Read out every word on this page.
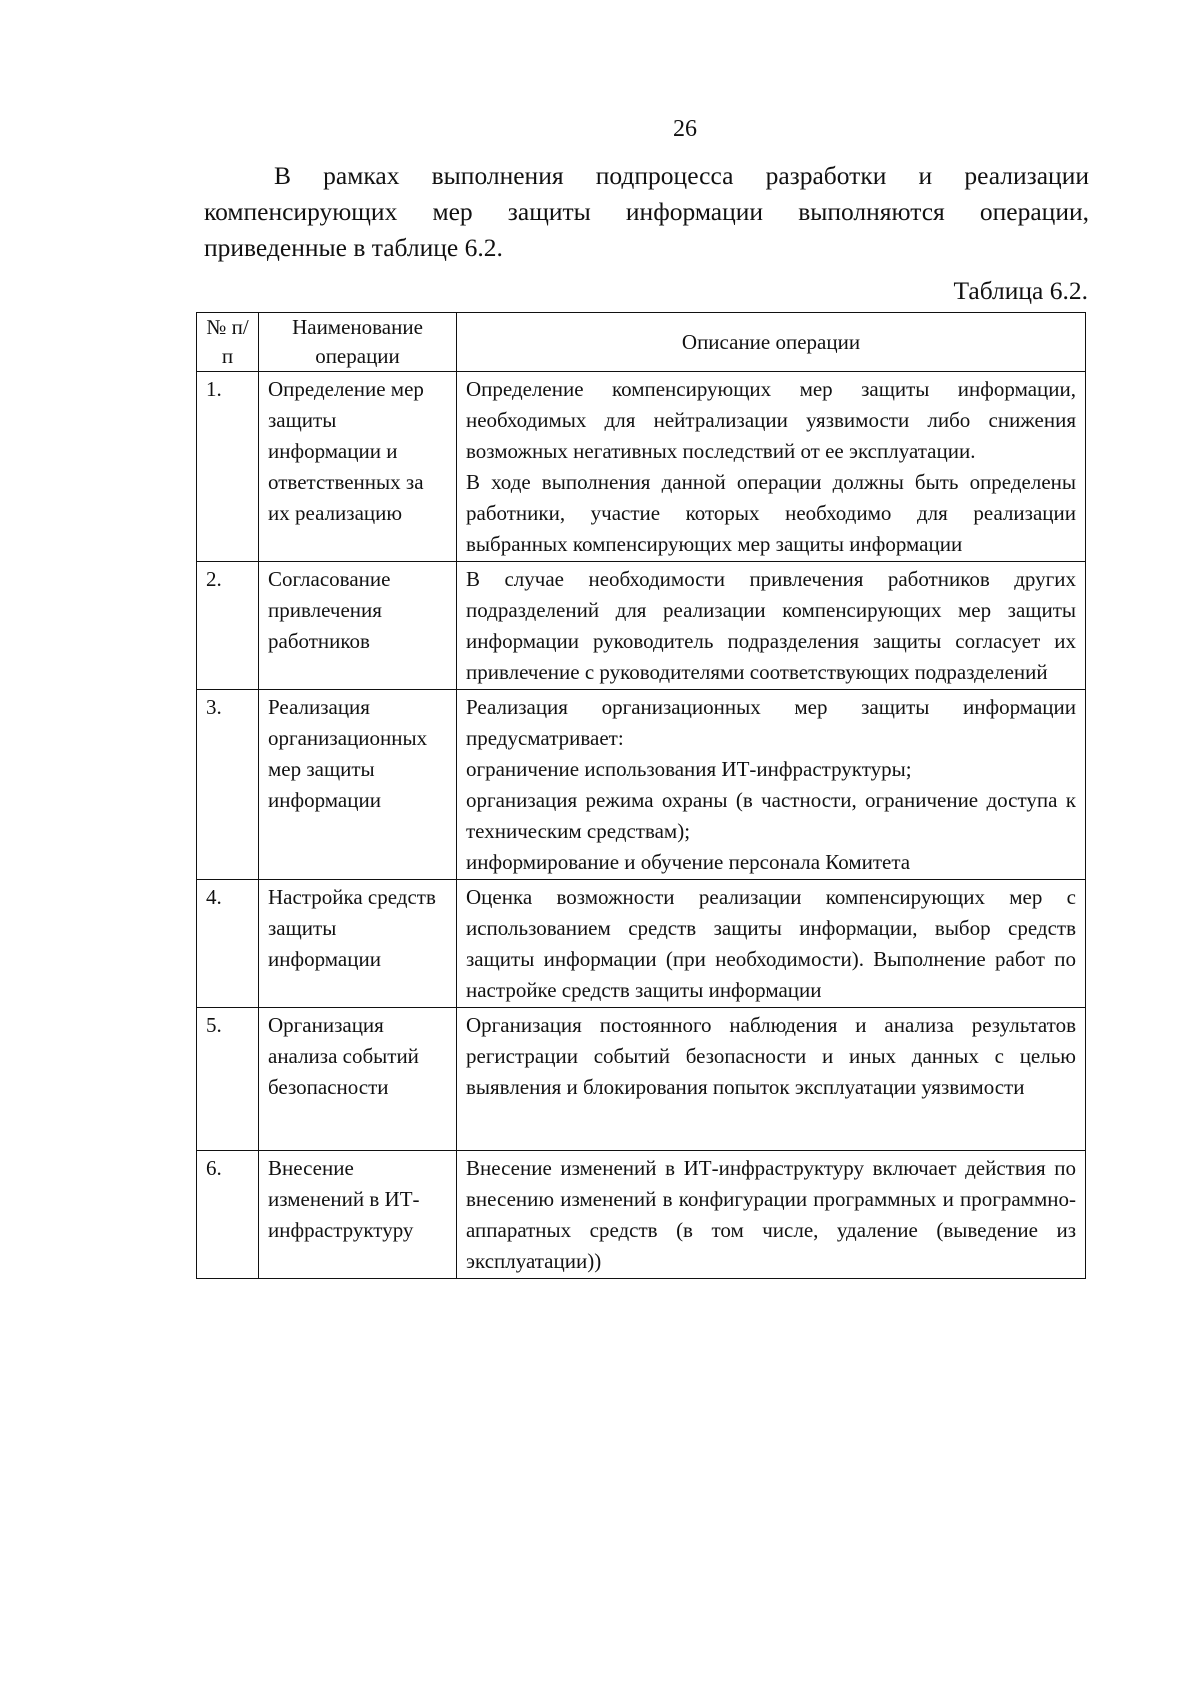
26
В рамках выполнения подпроцесса разработки и реализации
компенсирующих мер защиты информации выполняются операции,
приведенные в таблице 6.2.
Таблица 6.2.
№ п/п	Наименование операции	Описание операции
1.	Определение мер защиты информации и ответственных за их реализацию	Определение компенсирующих мер защиты информации, необходимых для нейтрализации уязвимости либо снижения возможных негативных последствий от ее эксплуатации.
В ходе выполнения данной операции должны быть определены работники, участие которых необходимо для реализации выбранных компенсирующих мер защиты информации

2.	Согласование привлечения работников	В случае необходимости привлечения работников других подразделений для реализации компенсирующих мер защиты информации руководитель подразделения защиты согласует их привлечение с руководителями соответствующих подразделений

3.	Реализация организационных мер защиты информации	Реализация организационных мер защиты информации предусматривает:
ограничение использования ИТ-инфраструктуры;
организация режима охраны (в частности, ограничение доступа к техническим средствам);
информирование и обучение персонала Комитета

4.	Настройка средств защиты информации	Оценка возможности реализации компенсирующих мер с использованием средств защиты информации, выбор средств защиты информации (при необходимости). Выполнение работ по настройке средств защиты информации

5.	Организация анализа событий безопасности	Организация постоянного наблюдения и анализа результатов регистрации событий безопасности и иных данных с целью выявления и блокирования попыток эксплуатации уязвимости

6.	Внесение изменений в ИТ-инфраструктуру	Внесение изменений в ИТ-инфраструктуру включает действия по внесению изменений в конфигурации программных и программно-аппаратных средств (в том числе, удаление (выведение из эксплуатации))
